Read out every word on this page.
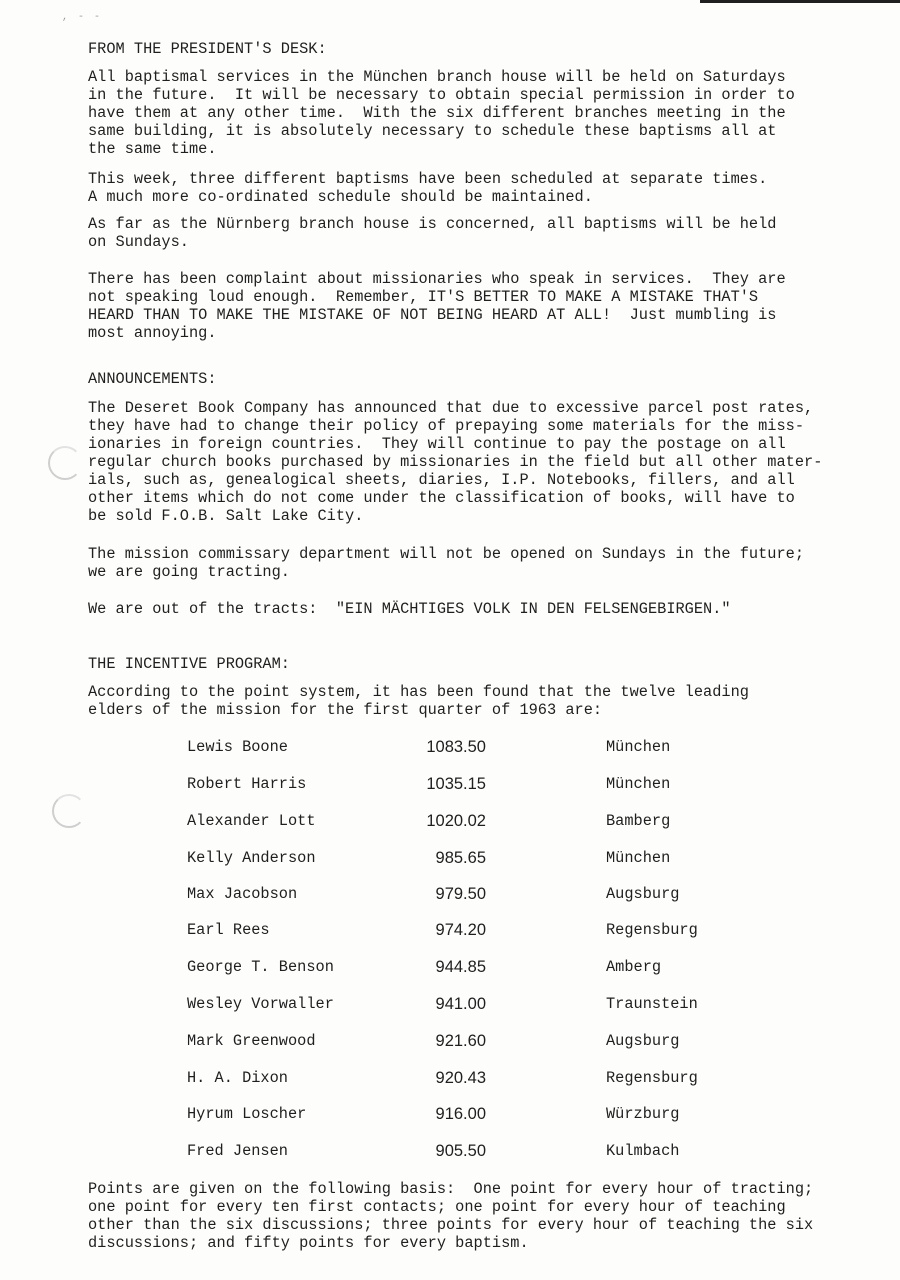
, - -
FROM THE PRESIDENT'S DESK:
All baptismal services in the München branch house will be held on Saturdays
in the future.  It will be necessary to obtain special permission in order to
have them at any other time.  With the six different branches meeting in the
same building, it is absolutely necessary to schedule these baptisms all at
the same time.
This week, three different baptisms have been scheduled at separate times.
A much more co-ordinated schedule should be maintained.
As far as the Nürnberg branch house is concerned, all baptisms will be held
on Sundays.
There has been complaint about missionaries who speak in services.  They are
not speaking loud enough.  Remember, IT'S BETTER TO MAKE A MISTAKE THAT'S
HEARD THAN TO MAKE THE MISTAKE OF NOT BEING HEARD AT ALL!  Just mumbling is
most annoying.
ANNOUNCEMENTS:
The Deseret Book Company has announced that due to excessive parcel post rates,
they have had to change their policy of prepaying some materials for the miss-
ionaries in foreign countries.  They will continue to pay the postage on all
regular church books purchased by missionaries in the field but all other mater-
ials, such as, genealogical sheets, diaries, I.P. Notebooks, fillers, and all
other items which do not come under the classification of books, will have to
be sold F.O.B. Salt Lake City.
The mission commissary department will not be opened on Sundays in the future;
we are going tracting.
We are out of the tracts:  "EIN MÄCHTIGES VOLK IN DEN FELSENGEBIRGEN."
THE INCENTIVE PROGRAM:
According to the point system, it has been found that the twelve leading
elders of the mission for the first quarter of 1963 are:
Lewis Boone	1083.50	München
Robert Harris	1035.15	München
Alexander Lott	1020.02	Bamberg
Kelly Anderson	985.65	München
Max Jacobson	979.50	Augsburg
Earl Rees	974.20	Regensburg
George T. Benson	944.85	Amberg
Wesley Vorwaller	941.00	Traunstein
Mark Greenwood	921.60	Augsburg
H. A. Dixon	920.43	Regensburg
Hyrum Loscher	916.00	Würzburg
Fred Jensen	905.50	Kulmbach
Points are given on the following basis:  One point for every hour of tracting;
one point for every ten first contacts; one point for every hour of teaching
other than the six discussions; three points for every hour of teaching the six
discussions; and fifty points for every baptism.
